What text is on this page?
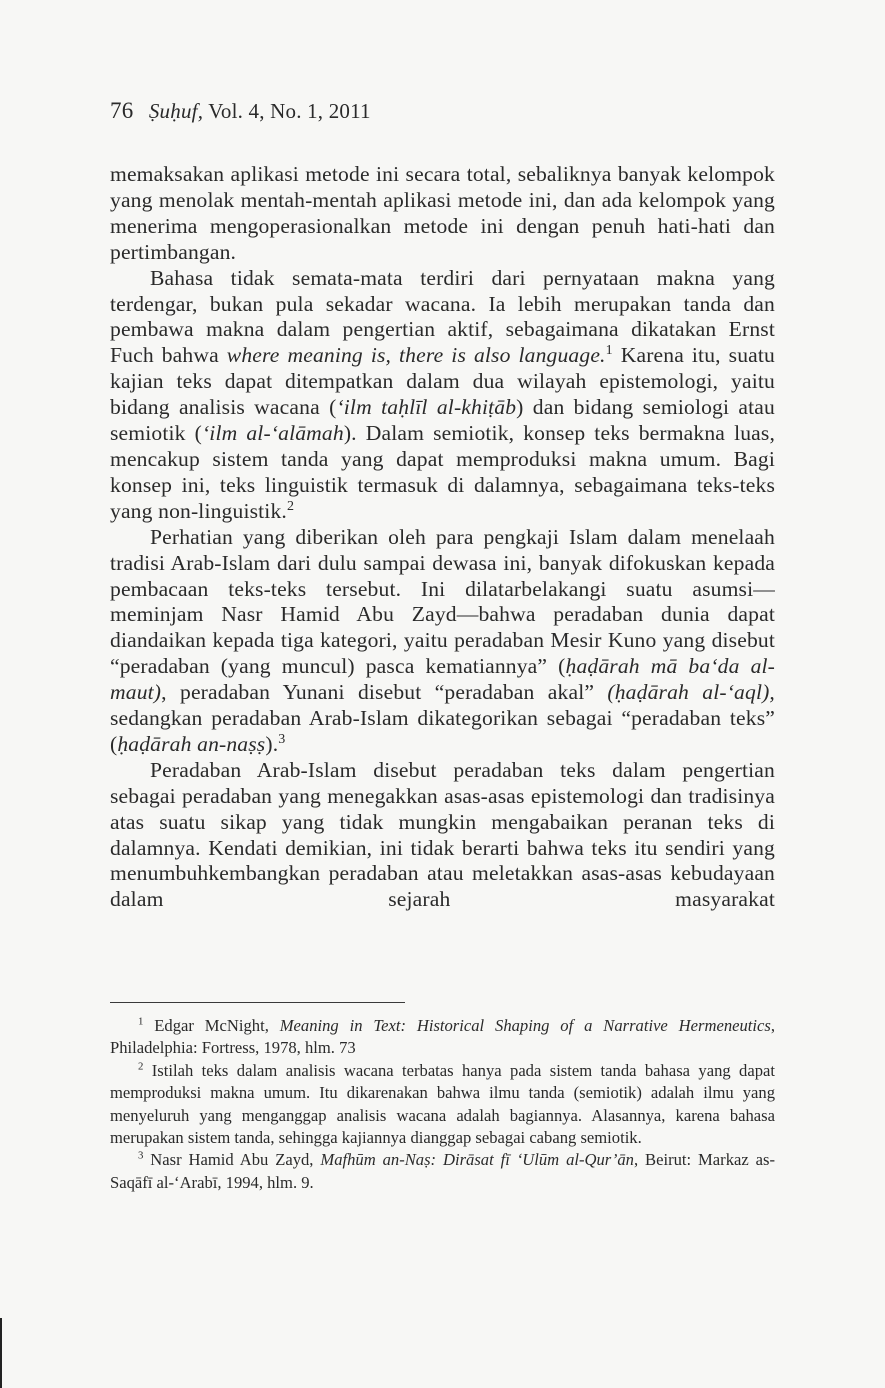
76 Ṣuḥuf, Vol. 4, No. 1, 2011

memaksakan aplikasi metode ini secara total, sebaliknya banyak kelompok yang menolak mentah-mentah aplikasi metode ini, dan ada kelompok yang menerima mengoperasionalkan metode ini dengan penuh hati-hati dan pertimbangan.

Bahasa tidak semata-mata terdiri dari pernyataan makna yang terdengar, bukan pula sekadar wacana. Ia lebih merupakan tanda dan pembawa makna dalam pengertian aktif, sebagaimana dikatakan Ernst Fuch bahwa where meaning is, there is also language.$^1$ Karena itu, suatu kajian teks dapat ditempatkan dalam dua wilayah epistemologi, yaitu bidang analisis wacana (‘ilm taḥlīl al-khiṭāb) dan bidang semiologi atau semiotik (‘ilm al-‘alāmah). Dalam semiotik, konsep teks bermakna luas, mencakup sistem tanda yang dapat memproduksi makna umum. Bagi konsep ini, teks linguistik termasuk di dalamnya, sebagaimana teks-teks yang non-linguistik.$^2$

Perhatian yang diberikan oleh para pengkaji Islam dalam menelaah tradisi Arab-Islam dari dulu sampai dewasa ini, banyak difokuskan kepada pembacaan teks-teks tersebut. Ini dilatarbelakangi suatu asumsi—meminjam Nasr Hamid Abu Zayd—bahwa peradaban dunia dapat diandaikan kepada tiga kategori, yaitu peradaban Mesir Kuno yang disebut “peradaban (yang muncul) pasca kematiannya” (ḥaḍārah mā ba‘da al-maut), peradaban Yunani disebut “peradaban akal” (ḥaḍārah al-‘aql), sedangkan peradaban Arab-Islam dikategorikan sebagai “peradaban teks” (ḥaḍārah an-naṣṣ).$^3$

Peradaban Arab-Islam disebut peradaban teks dalam pengertian sebagai peradaban yang menegakkan asas-asas epistemologi dan tradisinya atas suatu sikap yang tidak mungkin mengabaikan peranan teks di dalamnya. Kendati demikian, ini tidak berarti bahwa teks itu sendiri yang menumbuhkembangkan peradaban atau meletakkan asas-asas kebudayaan dalam sejarah masyarakat

$^1$ Edgar McNight, Meaning in Text: Historical Shaping of a Narrative Hermeneutics, Philadelphia: Fortress, 1978, hlm. 73

$^2$ Istilah teks dalam analisis wacana terbatas hanya pada sistem tanda bahasa yang dapat memproduksi makna umum. Itu dikarenakan bahwa ilmu tanda (semiotik) adalah ilmu yang menyeluruh yang menganggap analisis wacana adalah bagiannya. Alasannya, karena bahasa merupakan sistem tanda, sehingga kajiannya dianggap sebagai cabang semiotik.

$^3$ Nasr Hamid Abu Zayd, Mafhūm an-Naṣ: Dirāsat fī ‘Ulūm al-Qur’ān, Beirut: Markaz as-Saqāfī al-‘Arabī, 1994, hlm. 9.
